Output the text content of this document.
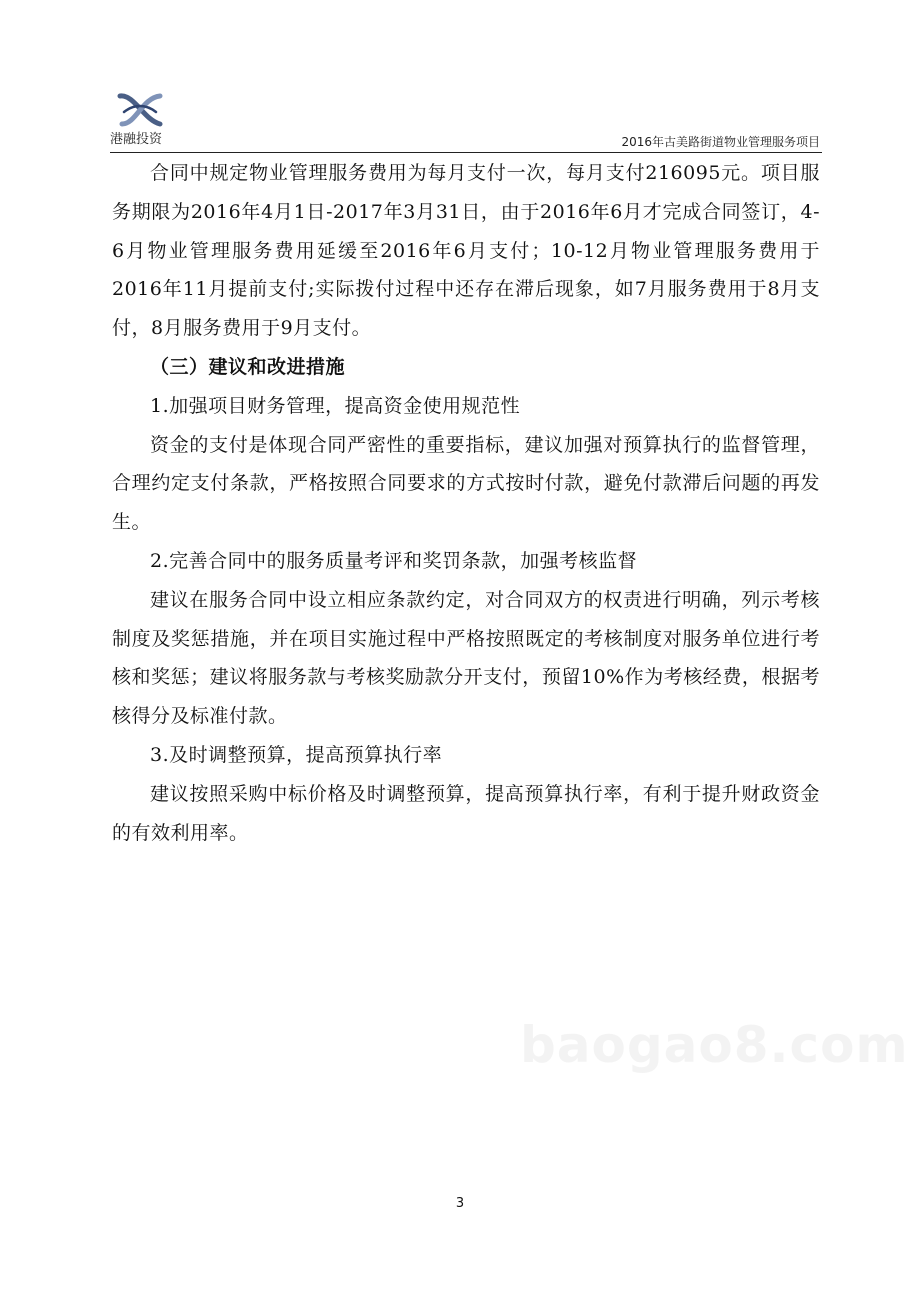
港融投资	2016年古美路街道物业管理服务项目

合同中规定物业管理服务费用为每月支付一次，每月支付216095元。项目服务期限为2016年4月1日-2017年3月31日，由于2016年6月才完成合同签订，4-6月物业管理服务费用延缓至2016年6月支付；10-12月物业管理服务费用于2016年11月提前支付;实际拨付过程中还存在滞后现象，如7月服务费用于8月支付，8月服务费用于9月支付。

（三）建议和改进措施

1.加强项目财务管理，提高资金使用规范性

资金的支付是体现合同严密性的重要指标，建议加强对预算执行的监督管理，合理约定支付条款，严格按照合同要求的方式按时付款，避免付款滞后问题的再发生。

2.完善合同中的服务质量考评和奖罚条款，加强考核监督

建议在服务合同中设立相应条款约定，对合同双方的权责进行明确，列示考核制度及奖惩措施，并在项目实施过程中严格按照既定的考核制度对服务单位进行考核和奖惩；建议将服务款与考核奖励款分开支付，预留10%作为考核经费，根据考核得分及标准付款。

3.及时调整预算，提高预算执行率

建议按照采购中标价格及时调整预算，提高预算执行率，有利于提升财政资金的有效利用率。

baogao8.com
3
